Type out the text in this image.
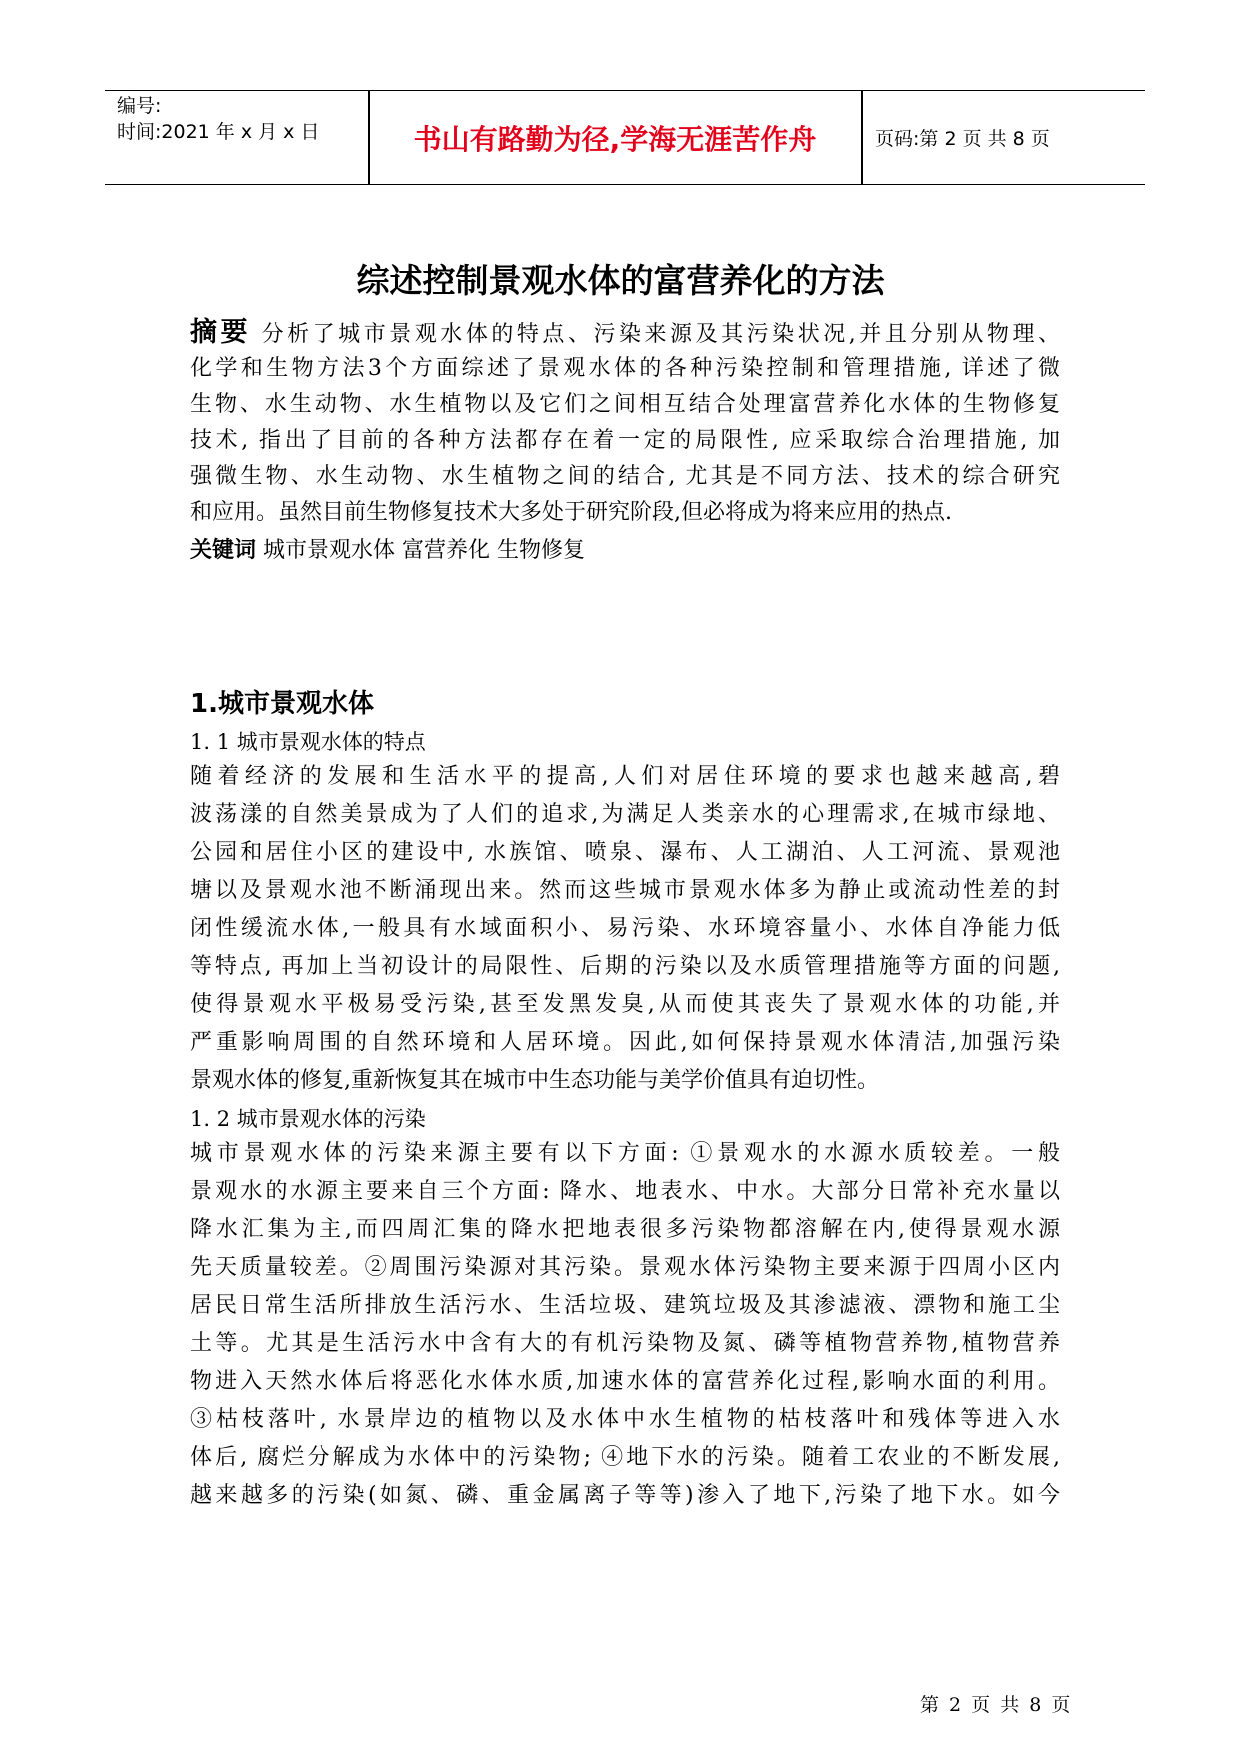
编号:
时间:2021 年 x 月 x 日	书山有路勤为径,学海无涯苦作舟	页码:第 2 页 共 8 页
综述控制景观水体的富营养化的方法
摘要 分析了城市景观水体的特点、污染来源及其污染状况,并且分别从物理、
化学和生物方法3个方面综述了景观水体的各种污染控制和管理措施, 详述了微
生物、水生动物、水生植物以及它们之间相互结合处理富营养化水体的生物修复
技术, 指出了目前的各种方法都存在着一定的局限性, 应采取综合治理措施, 加
强微生物、水生动物、水生植物之间的结合, 尤其是不同方法、技术的综合研究
和应用。虽然目前生物修复技术大多处于研究阶段,但必将成为将来应用的热点.
关键词 城市景观水体 富营养化 生物修复
1.城市景观水体
1. 1 城市景观水体的特点
随着经济的发展和生活水平的提高,人们对居住环境的要求也越来越高,碧
波荡漾的自然美景成为了人们的追求,为满足人类亲水的心理需求,在城市绿地、
公园和居住小区的建设中, 水族馆、喷泉、瀑布、人工湖泊、人工河流、景观池
塘以及景观水池不断涌现出来。然而这些城市景观水体多为静止或流动性差的封
闭性缓流水体,一般具有水域面积小、易污染、水环境容量小、水体自净能力低
等特点, 再加上当初设计的局限性、后期的污染以及水质管理措施等方面的问题,
使得景观水平极易受污染,甚至发黑发臭,从而使其丧失了景观水体的功能,并
严重影响周围的自然环境和人居环境。因此,如何保持景观水体清洁,加强污染
景观水体的修复,重新恢复其在城市中生态功能与美学价值具有迫切性。
1. 2 城市景观水体的污染
城市景观水体的污染来源主要有以下方面: ①景观水的水源水质较差。一般
景观水的水源主要来自三个方面: 降水、地表水、中水。大部分日常补充水量以
降水汇集为主,而四周汇集的降水把地表很多污染物都溶解在内,使得景观水源
先天质量较差。②周围污染源对其污染。景观水体污染物主要来源于四周小区内
居民日常生活所排放生活污水、生活垃圾、建筑垃圾及其渗滤液、漂物和施工尘
土等。尤其是生活污水中含有大的有机污染物及氮、磷等植物营养物,植物营养
物进入天然水体后将恶化水体水质,加速水体的富营养化过程,影响水面的利用。
③枯枝落叶, 水景岸边的植物以及水体中水生植物的枯枝落叶和残体等进入水
体后, 腐烂分解成为水体中的污染物; ④地下水的污染。随着工农业的不断发展,
越来越多的污染(如氮、磷、重金属离子等等)渗入了地下,污染了地下水。如今
第 2 页 共 8 页
